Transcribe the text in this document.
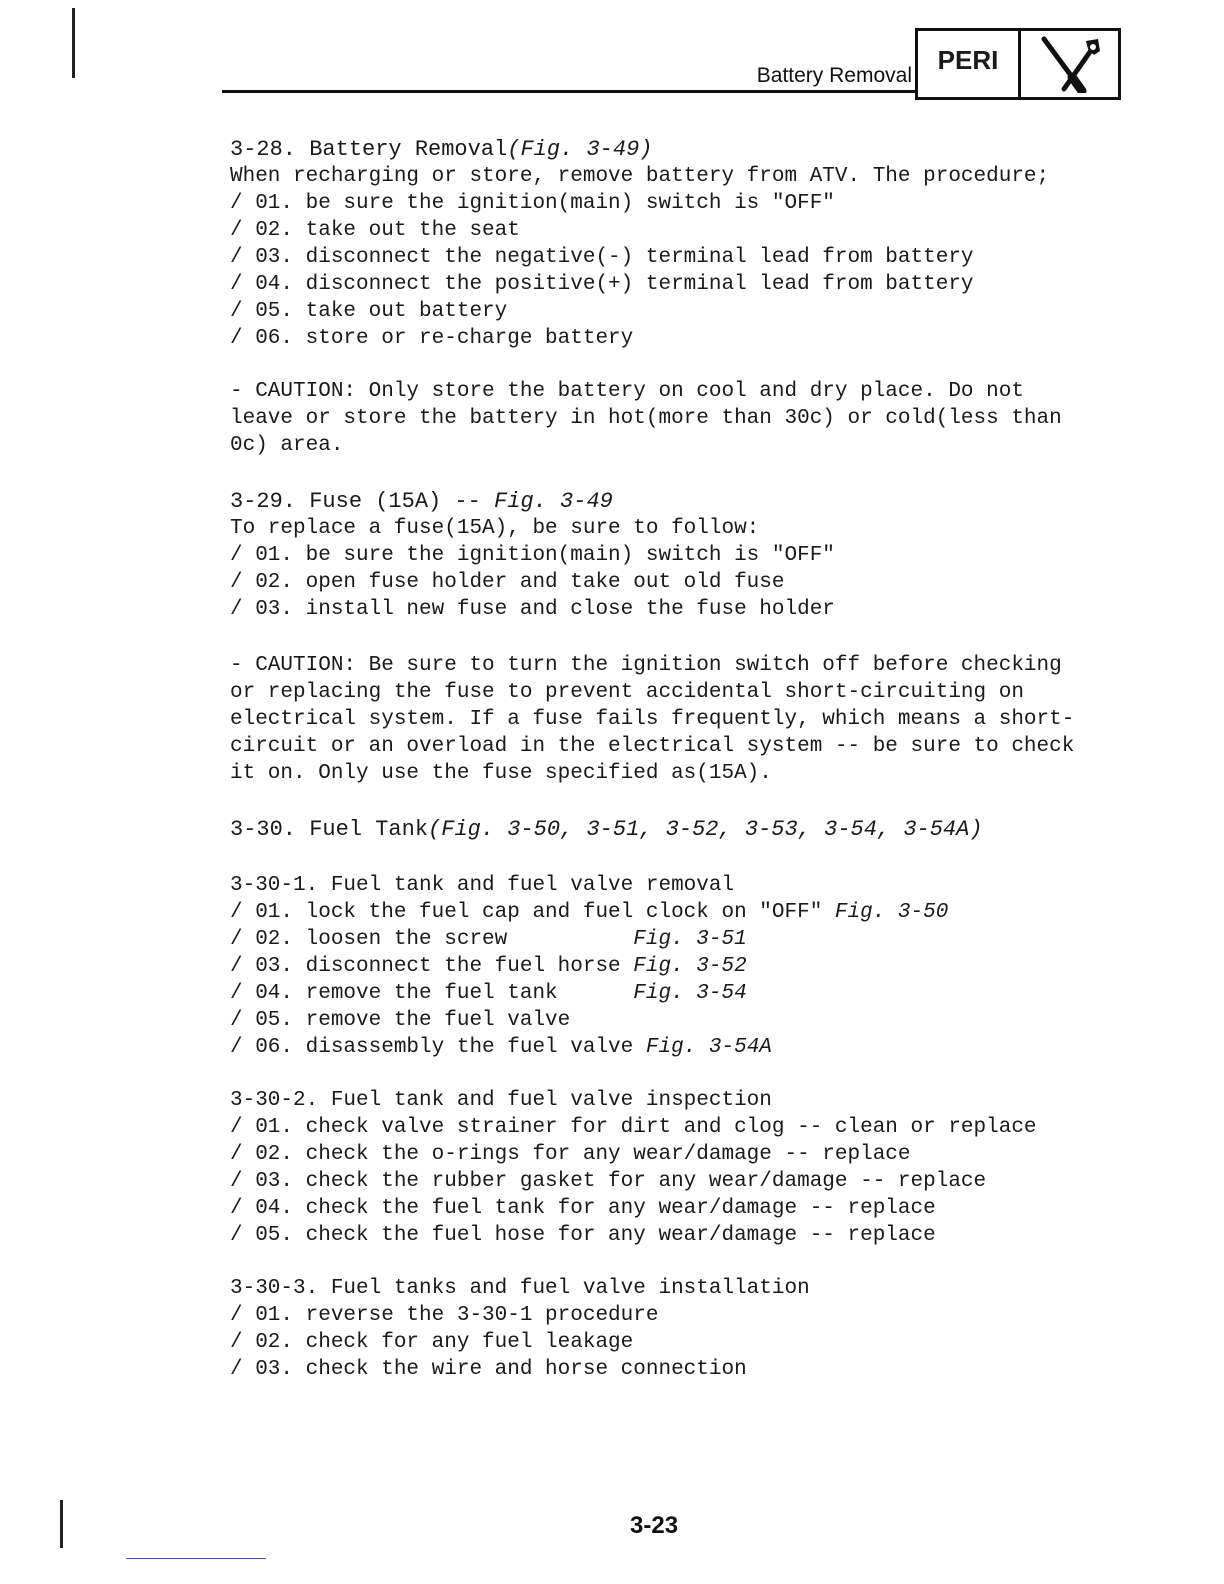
Battery Removal
PERI
3-28. Battery Removal(Fig. 3-49)
When recharging or store, remove battery from ATV. The procedure;
/ 01. be sure the ignition(main) switch is "OFF"
/ 02. take out the seat
/ 03. disconnect the negative(-) terminal lead from battery
/ 04. disconnect the positive(+) terminal lead from battery
/ 05. take out battery
/ 06. store or re-charge battery
- CAUTION: Only store the battery on cool and dry place. Do not
leave or store the battery in hot(more than 30c) or cold(less than
0c) area.
3-29. Fuse (15A) -- Fig. 3-49
To replace a fuse(15A), be sure to follow:
/ 01. be sure the ignition(main) switch is "OFF"
/ 02. open fuse holder and take out old fuse
/ 03. install new fuse and close the fuse holder
- CAUTION: Be sure to turn the ignition switch off before checking
or replacing the fuse to prevent accidental short-circuiting on
electrical system. If a fuse fails frequently, which means a short-
circuit or an overload in the electrical system -- be sure to check
it on. Only use the fuse specified as(15A).
3-30. Fuel Tank(Fig. 3-50, 3-51, 3-52, 3-53, 3-54, 3-54A)
3-30-1. Fuel tank and fuel valve removal
/ 01. lock the fuel cap and fuel clock on "OFF" Fig. 3-50
/ 02. loosen the screw          Fig. 3-51
/ 03. disconnect the fuel horse Fig. 3-52
/ 04. remove the fuel tank      Fig. 3-54
/ 05. remove the fuel valve
/ 06. disassembly the fuel valve Fig. 3-54A
3-30-2. Fuel tank and fuel valve inspection
/ 01. check valve strainer for dirt and clog -- clean or replace
/ 02. check the o-rings for any wear/damage -- replace
/ 03. check the rubber gasket for any wear/damage -- replace
/ 04. check the fuel tank for any wear/damage -- replace
/ 05. check the fuel hose for any wear/damage -- replace
3-30-3. Fuel tanks and fuel valve installation
/ 01. reverse the 3-30-1 procedure
/ 02. check for any fuel leakage
/ 03. check the wire and horse connection
3-23
